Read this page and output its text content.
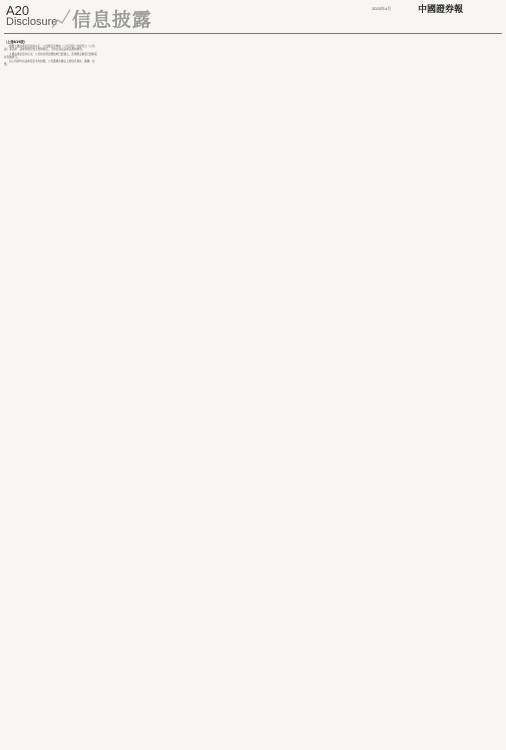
A20
Disclosure 信息披露
2023年4月	中國證券報
（上接A19版）

根据大通法律意见书的认定，公司现行有效的《公司章程》内容符合《公司法》等法律、法规和规范性文件的规定，不存在违反法律法规的情形。

大通法律意见书认为，公司的内部治理结构已经建立，各项规章制度已经制定并有效执行。

以上内容均以法律意见书为依据，公司董事会确认上述信息真实、准确、完整。
